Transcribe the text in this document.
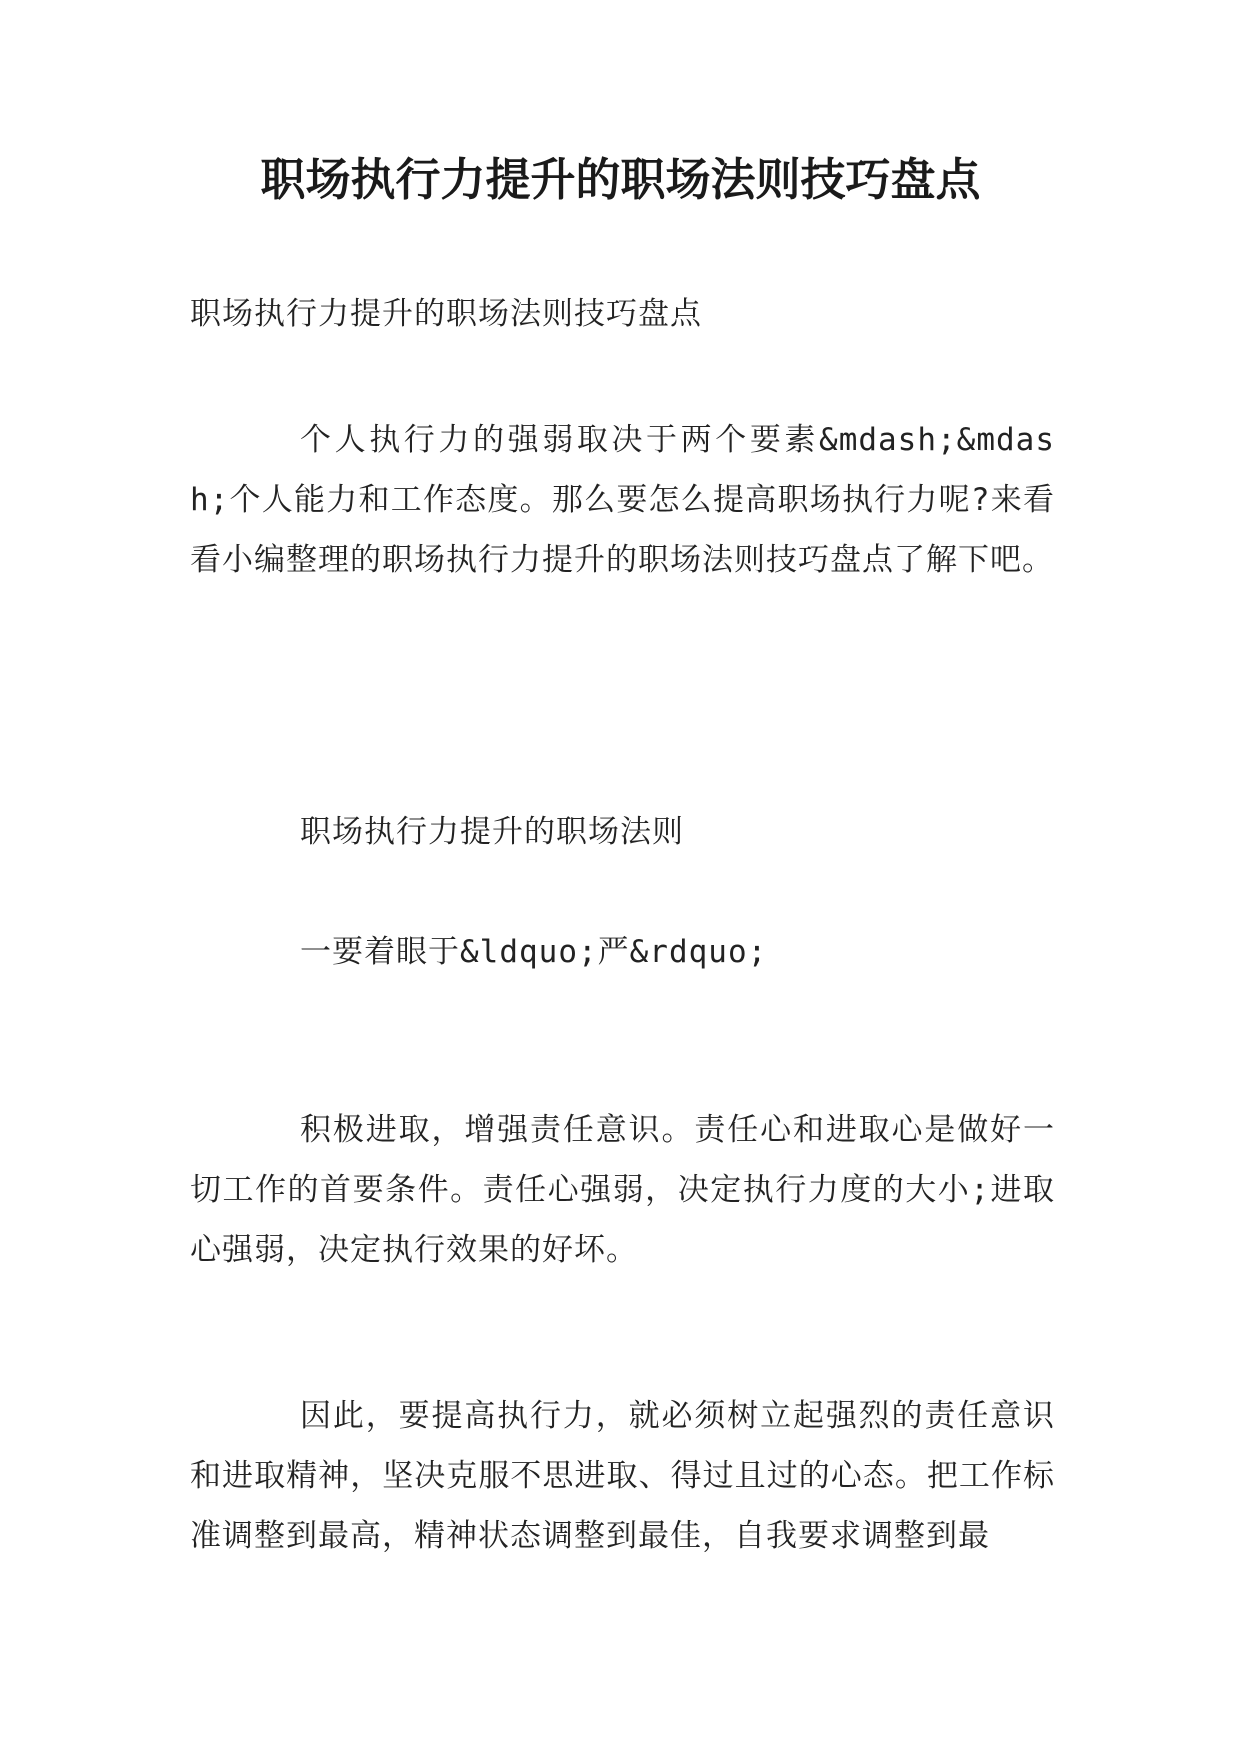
职场执行力提升的职场法则技巧盘点

职场执行力提升的职场法则技巧盘点

个人执行力的强弱取决于两个要素&mdash;&mdash;个人能力和工作态度。那么要怎么提高职场执行力呢?来看看小编整理的职场执行力提升的职场法则技巧盘点了解下吧。

职场执行力提升的职场法则

一要着眼于&ldquo;严&rdquo;

积极进取，增强责任意识。责任心和进取心是做好一切工作的首要条件。责任心强弱，决定执行力度的大小;进取心强弱，决定执行效果的好坏。

因此，要提高执行力，就必须树立起强烈的责任意识和进取精神，坚决克服不思进取、得过且过的心态。把工作标准调整到最高，精神状态调整到最佳，自我要求调整到最
